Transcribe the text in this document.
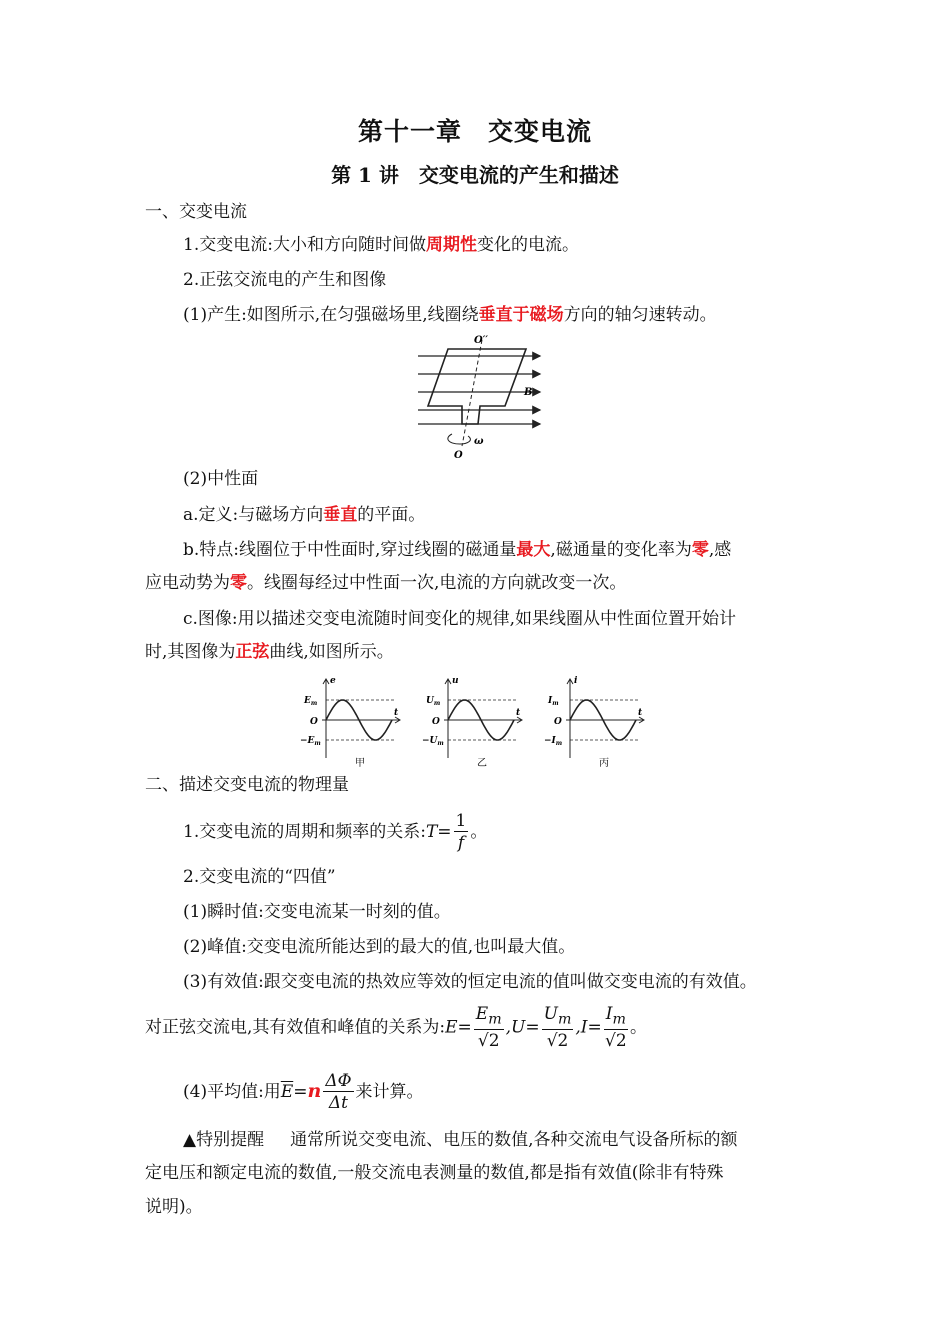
第十一章　交变电流
第 1 讲　交变电流的产生和描述
一、交变电流
1.交变电流:大小和方向随时间做周期性变化的电流。
2.正弦交流电的产生和图像
(1)产生:如图所示,在匀强磁场里,线圈绕垂直于磁场方向的轴匀速转动。
O′′
B
O
ω
(2)中性面
a.定义:与磁场方向垂直的平面。
b.特点:线圈位于中性面时,穿过线圈的磁通量最大,磁通量的变化率为零,感
应电动势为零。线圈每经过中性面一次,电流的方向就改变一次。
c.图像:用以描述交变电流随时间变化的规律,如果线圈从中性面位置开始计
时,其图像为正弦曲线,如图所示。
e
$E_m$
O
$-E_m$
t
甲
u
$U_m$
O
$-U_m$
t
乙
i
$I_m$
O
$-I_m$
t
丙
二、描述交变电流的物理量
1.交变电流的周期和频率的关系:T= $\frac{1}{f}$ 。
2.交变电流的“四值”
(1)瞬时值:交变电流某一时刻的值。
(2)峰值:交变电流所能达到的最大的值,也叫最大值。
(3)有效值:跟交变电流的热效应等效的恒定电流的值叫做交变电流的有效值。
对正弦交流电,其有效值和峰值的关系为:E= $\frac{E_m}{√2} ,U= \frac{U_m}{√2} ,I= \frac{I_m}{√2}$ 。
(4)平均值:用$\overline{E}=n \frac{\Delta\Phi}{\Delta t}$ 来计算。
▲特别提醒 通常所说交变电流、电压的数值,各种交流电气设备所标的额
定电压和额定电流的数值,一般交流电表测量的数值,都是指有效值(除非有特殊
说明)。
